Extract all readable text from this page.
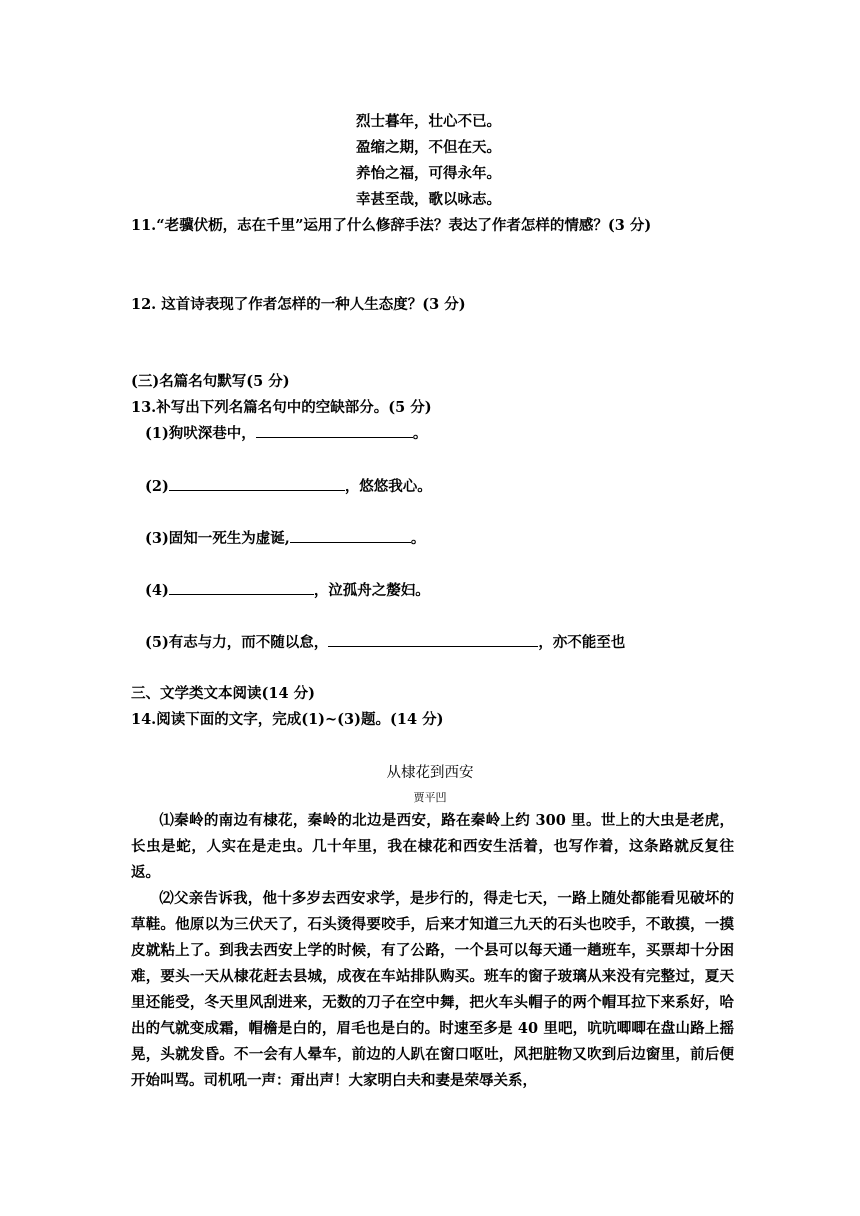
烈士暮年，壮心不已。
盈缩之期，不但在天。
养怡之福，可得永年。
幸甚至哉，歌以咏志。
11.“老骥伏枥，志在千里”运用了什么修辞手法？表达了作者怎样的情感？(3 分)
12. 这首诗表现了作者怎样的一种人生态度？(3 分)
(三)名篇名句默写(5 分)
13.补写出下列名篇名句中的空缺部分。(5 分)
(1)狗吠深巷中，	。
(2)	，悠悠我心。
(3)固知一死生为虚诞,	。
(4)	，泣孤舟之嫠妇。
(5)有志与力，而不随以怠，	，亦不能至也
三、文学类文本阅读(14 分)
14.阅读下面的文字，完成(1)~(3)题。(14 分)
从棣花到西安
贾平凹
⑴秦岭的南边有棣花，秦岭的北边是西安，路在秦岭上约 300 里。世上的大虫是老虎，长虫是蛇，人实在是走虫。几十年里，我在棣花和西安生活着，也写作着，这条路就反复往返。
⑵父亲告诉我，他十多岁去西安求学，是步行的，得走七天，一路上随处都能看见破坏的草鞋。他原以为三伏天了，石头烫得要咬手，后来才知道三九天的石头也咬手，不敢摸，一摸皮就粘上了。到我去西安上学的时候，有了公路，一个县可以每天通一趟班车，买票却十分困难，要头一天从棣花赶去县城，成夜在车站排队购买。班车的窗子玻璃从来没有完整过，夏天里还能受，冬天里风刮进来，无数的刀子在空中舞，把火车头帽子的两个帽耳拉下来系好，哈出的气就变成霜，帽檐是白的，眉毛也是白的。时速至多是 40 里吧，吭吭唧唧在盘山路上摇晃，头就发昏。不一会有人晕车，前边的人趴在窗口呕吐，风把脏物又吹到后边窗里，前后便开始叫骂。司机吼一声：甭出声！大家明白夫和妻是荣辱关系，
